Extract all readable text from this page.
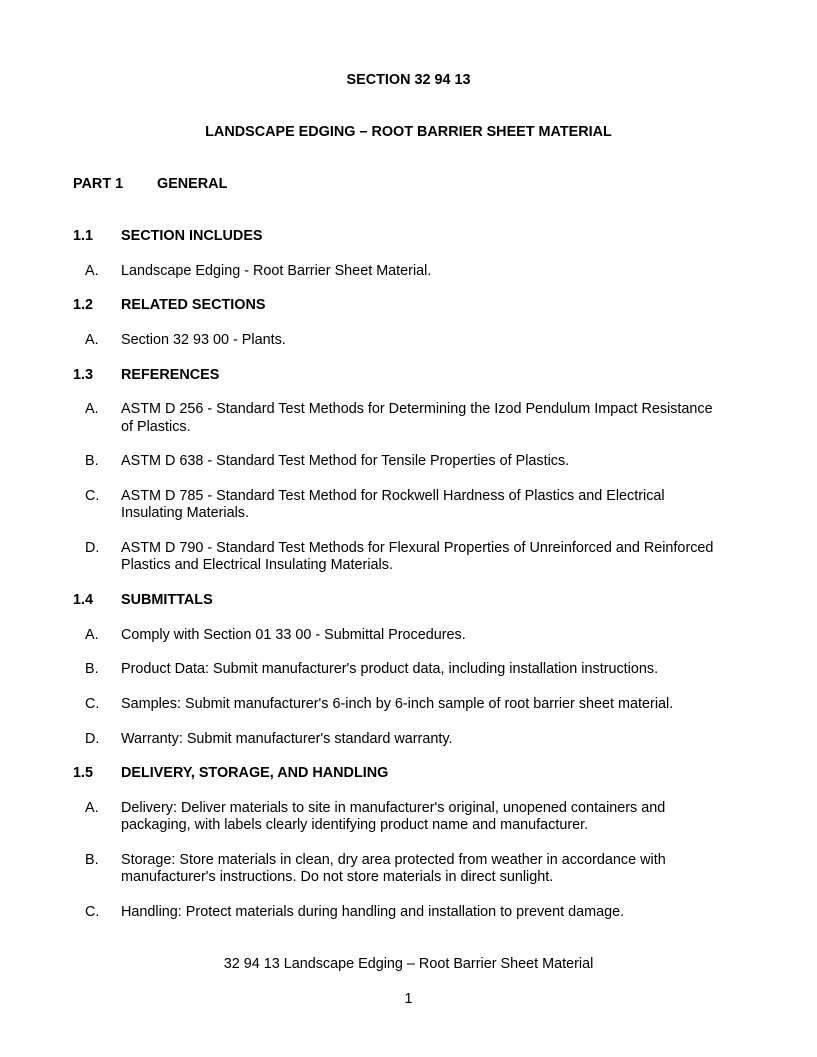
SECTION 32 94 13
LANDSCAPE EDGING – ROOT BARRIER SHEET MATERIAL
PART 1 GENERAL
1.1 SECTION INCLUDES
A. Landscape Edging - Root Barrier Sheet Material.
1.2 RELATED SECTIONS
A. Section 32 93 00 - Plants.
1.3 REFERENCES
A. ASTM D 256 - Standard Test Methods for Determining the Izod Pendulum Impact Resistance
of Plastics.
B. ASTM D 638 - Standard Test Method for Tensile Properties of Plastics.
C. ASTM D 785 - Standard Test Method for Rockwell Hardness of Plastics and Electrical
Insulating Materials.
D. ASTM D 790 - Standard Test Methods for Flexural Properties of Unreinforced and Reinforced
Plastics and Electrical Insulating Materials.
1.4 SUBMITTALS
A. Comply with Section 01 33 00 - Submittal Procedures.
B. Product Data: Submit manufacturer's product data, including installation instructions.
C. Samples: Submit manufacturer's 6-inch by 6-inch sample of root barrier sheet material.
D. Warranty: Submit manufacturer's standard warranty.
1.5 DELIVERY, STORAGE, AND HANDLING
A. Delivery: Deliver materials to site in manufacturer's original, unopened containers and
packaging, with labels clearly identifying product name and manufacturer.
B. Storage: Store materials in clean, dry area protected from weather in accordance with
manufacturer's instructions. Do not store materials in direct sunlight.
C. Handling: Protect materials during handling and installation to prevent damage.
32 94 13 Landscape Edging – Root Barrier Sheet Material
1
